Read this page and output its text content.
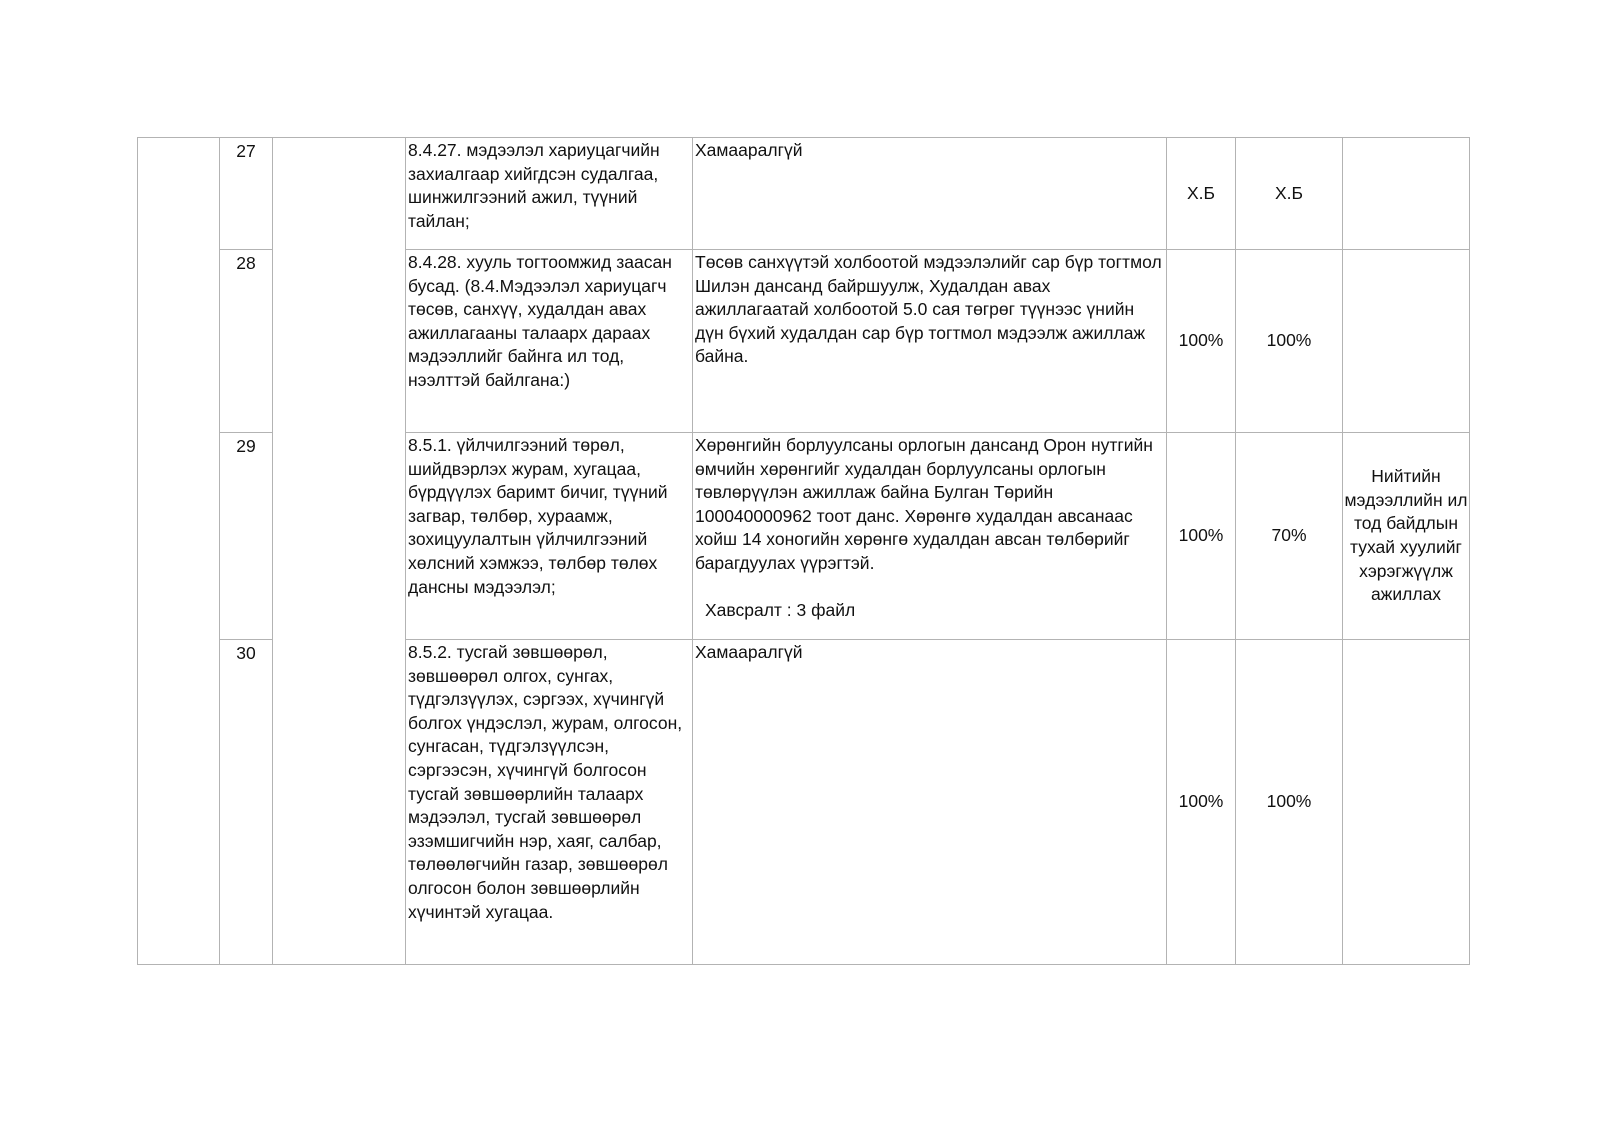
	27		8.4.27. мэдээлэл хариуцагчийн захиалгаар хийгдсэн судалгаа, шинжилгээний ажил, түүний тайлан;	Хамааралгүй	Х.Б	Х.Б	

	28		8.4.28. хууль тогтоомжид заасан бусад. (8.4.Мэдээлэл хариуцагч төсөв, санхүү, худалдан авах ажиллагааны талаарх дараах мэдээллийг байнга ил тод, нээлттэй байлгана:)	Төсөв санхүүтэй холбоотой мэдээлэлийг сар бүр тогтмол Шилэн дансанд байршуулж, Худалдан авах ажиллагаатай холбоотой 5.0 сая төгрөг түүнээс үнийн дүн бүхий худалдан сар бүр тогтмол мэдээлж ажиллаж байна.	100%	100%	

	29		8.5.1. үйлчилгээний төрөл, шийдвэрлэх журам, хугацаа, бүрдүүлэх баримт бичиг, түүний загвар, төлбөр, хураамж, зохицуулалтын үйлчилгээний хөлсний хэмжээ, төлбөр төлөх дансны мэдээлэл;	Хөрөнгийн борлуулсаны орлогын дансанд Орон нутгийн өмчийн хөрөнгийг худалдан борлуулсаны орлогын төвлөрүүлэн ажиллаж байна Булган Төрийн 100040000962 тоот данс. Хөрөнгө худалдан авсанаас хойш 14 хоногийн хөрөнгө худалдан авсан төлбөрийг барагдуулах үүрэгтэй.
Хавсралт : 3 файл	100%	70%	Нийтийн мэдээллийн ил тод байдлын тухай хуулийг хэрэгжүүлж ажиллах

	30		8.5.2. тусгай зөвшөөрөл, зөвшөөрөл олгох, сунгах, түдгэлзүүлэх, сэргээх, хүчингүй болгох үндэслэл, журам, олгосон, сунгасан, түдгэлзүүлсэн, сэргээсэн, хүчингүй болгосон тусгай зөвшөөрлийн талаарх мэдээлэл, тусгай зөвшөөрөл эзэмшигчийн нэр, хаяг, салбар, төлөөлөгчийн газар, зөвшөөрөл олгосон болон зөвшөөрлийн хүчинтэй хугацаа.	Хамааралгүй	100%	100%	
